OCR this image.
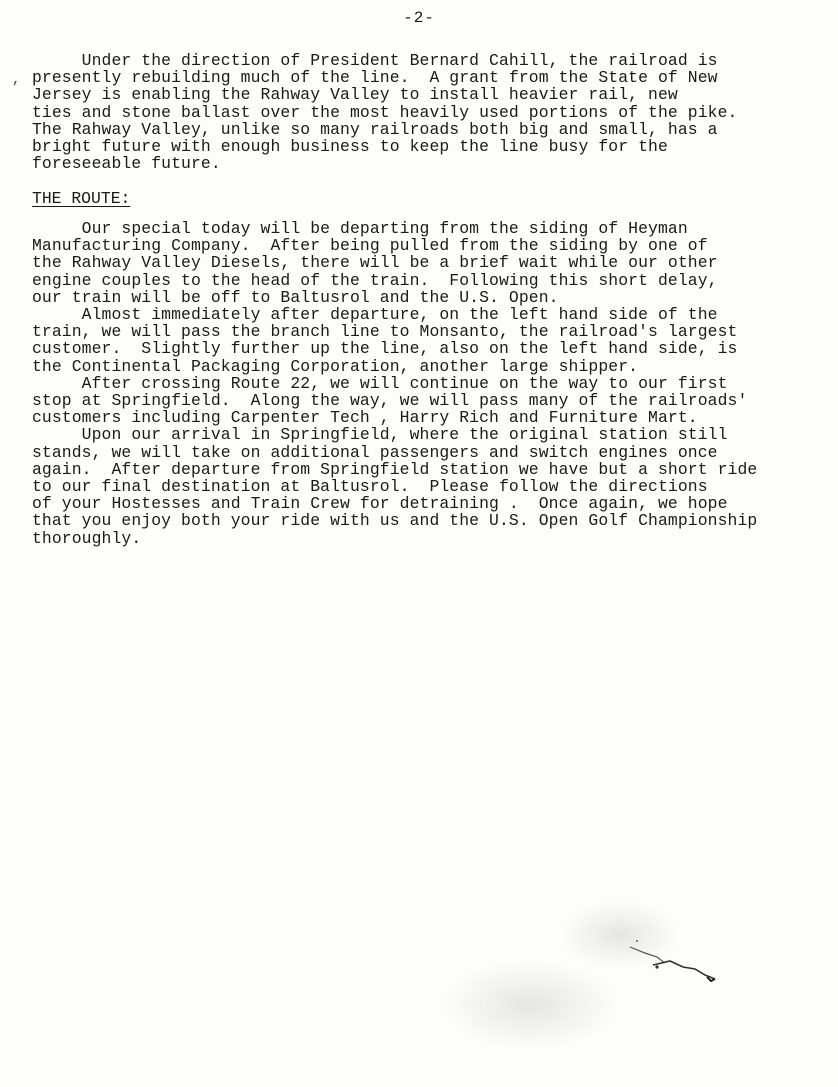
-2-
,
Under the direction of President Bernard Cahill, the railroad is
presently rebuilding much of the line.  A grant from the State of New
Jersey is enabling the Rahway Valley to install heavier rail, new
ties and stone ballast over the most heavily used portions of the pike.
The Rahway Valley, unlike so many railroads both big and small, has a
bright future with enough business to keep the line busy for the
foreseeable future.
THE ROUTE:
Our special today will be departing from the siding of Heyman
Manufacturing Company.  After being pulled from the siding by one of
the Rahway Valley Diesels, there will be a brief wait while our other
engine couples to the head of the train.  Following this short delay,
our train will be off to Baltusrol and the U.S. Open.
Almost immediately after departure, on the left hand side of the
train, we will pass the branch line to Monsanto, the railroad's largest
customer.  Slightly further up the line, also on the left hand side, is
the Continental Packaging Corporation, another large shipper.
After crossing Route 22, we will continue on the way to our first
stop at Springfield.  Along the way, we will pass many of the railroads'
customers including Carpenter Tech , Harry Rich and Furniture Mart.
Upon our arrival in Springfield, where the original station still
stands, we will take on additional passengers and switch engines once
again.  After departure from Springfield station we have but a short ride
to our final destination at Baltusrol.  Please follow the directions
of your Hostesses and Train Crew for detraining .  Once again, we hope
that you enjoy both your ride with us and the U.S. Open Golf Championship
thoroughly.
